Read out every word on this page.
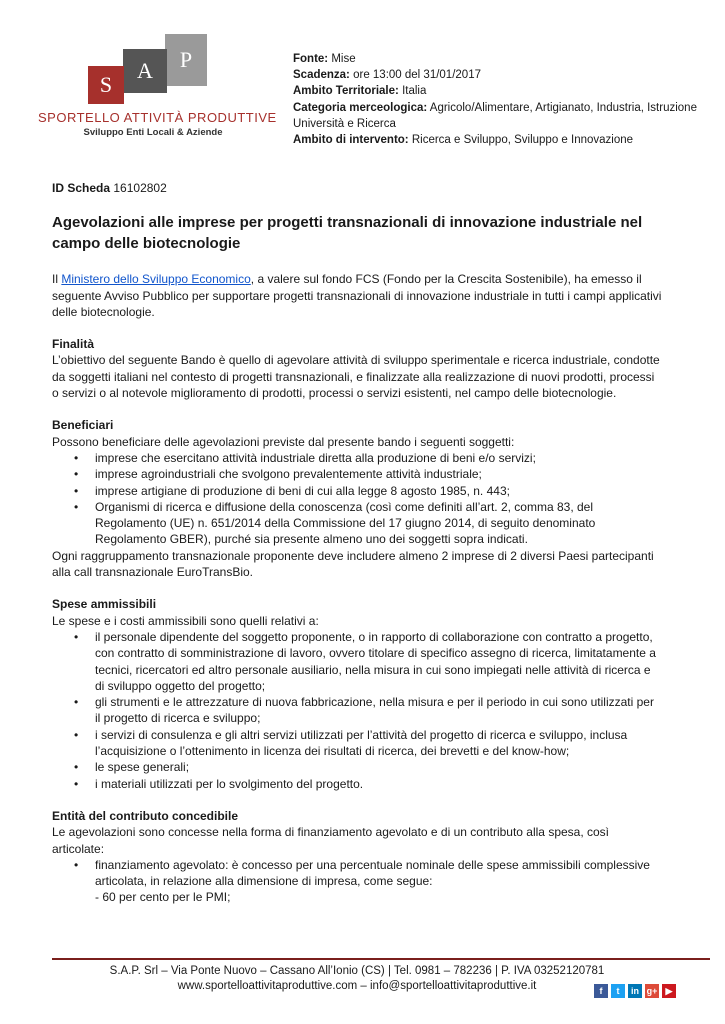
P
A
S
SPORTELLO ATTIVITÀ PRODUTTIVE
Sviluppo Enti Locali & Aziende
Fonte: Mise
Scadenza: ore 13:00 del 31/01/2017
Ambito Territoriale: Italia
Categoria merceologica: Agricolo/Alimentare, Artigianato, Industria, Istruzione Università e Ricerca
Ambito di intervento: Ricerca e Sviluppo, Sviluppo e Innovazione

ID Scheda 16102802

Agevolazioni alle imprese per progetti transnazionali di innovazione industriale nel campo delle biotecnologie

Il Ministero dello Sviluppo Economico, a valere sul fondo FCS (Fondo per la Crescita Sostenibile), ha emesso il seguente Avviso Pubblico per supportare progetti transnazionali di innovazione industriale in tutti i campi applicativi delle biotecnologie.

Finalità

L’obiettivo del seguente Bando è quello di agevolare attività di sviluppo sperimentale e ricerca industriale, condotte da soggetti italiani nel contesto di progetti transnazionali, e finalizzate alla realizzazione di nuovi prodotti, processi o servizi o al notevole miglioramento di prodotti, processi o servizi esistenti, nel campo delle biotecnologie.

Beneficiari

Possono beneficiare delle agevolazioni previste dal presente bando i seguenti soggetti:

• imprese che esercitano attività industriale diretta alla produzione di beni e/o servizi;
• imprese agroindustriali che svolgono prevalentemente attività industriale;
• imprese artigiane di produzione di beni di cui alla legge 8 agosto 1985, n. 443;
• Organismi di ricerca e diffusione della conoscenza (così come definiti all’art. 2, comma 83, del Regolamento (UE) n. 651/2014 della Commissione del 17 giugno 2014, di seguito denominato Regolamento GBER), purché sia presente almeno uno dei soggetti sopra indicati.

Ogni raggruppamento transnazionale proponente deve includere almeno 2 imprese di 2 diversi Paesi partecipanti alla call transnazionale EuroTransBio.

Spese ammissibili

Le spese e i costi ammissibili sono quelli relativi a:

• il personale dipendente del soggetto proponente, o in rapporto di collaborazione con contratto a progetto, con contratto di somministrazione di lavoro, ovvero titolare di specifico assegno di ricerca, limitatamente a tecnici, ricercatori ed altro personale ausiliario, nella misura in cui sono impiegati nelle attività di ricerca e di sviluppo oggetto del progetto;
• gli strumenti e le attrezzature di nuova fabbricazione, nella misura e per il periodo in cui sono utilizzati per il progetto di ricerca e sviluppo;
• i servizi di consulenza e gli altri servizi utilizzati per l’attività del progetto di ricerca e sviluppo, inclusa l’acquisizione o l’ottenimento in licenza dei risultati di ricerca, dei brevetti e del know-how;
• le spese generali;
• i materiali utilizzati per lo svolgimento del progetto.

Entità del contributo concedibile

Le agevolazioni sono concesse nella forma di finanziamento agevolato e di un contributo alla spesa, così articolate:

• finanziamento agevolato: è concesso per una percentuale nominale delle spese ammissibili complessive articolata, in relazione alla dimensione di impresa, come segue:
- 60 per cento per le PMI;
S.A.P. Srl – Via Ponte Nuovo – Cassano All’Ionio (CS) | Tel. 0981 – 782236 | P. IVA 03252120781
www.sportelloattivitaproduttive.com – info@sportelloattivitaproduttive.it	f	t	in g+ ▶
